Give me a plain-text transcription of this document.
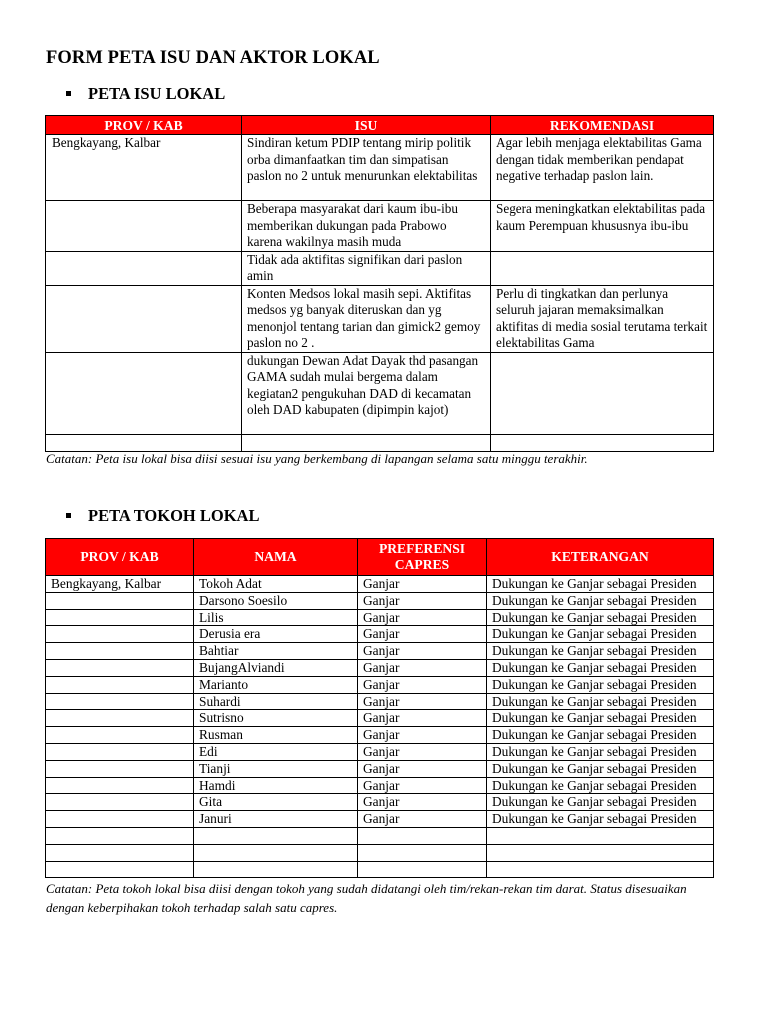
FORM PETA ISU DAN AKTOR LOKAL
PETA ISU LOKAL
PROV / KAB	ISU	REKOMENDASI
Bengkayang, Kalbar	Sindiran ketum PDIP tentang mirip politik orba dimanfaatkan tim dan simpatisan paslon no 2 untuk menurunkan elektabilitas	Agar lebih menjaga elektabilitas Gama dengan tidak memberikan pendapat negative terhadap paslon lain.
	Beberapa masyarakat dari kaum ibu-ibu memberikan dukungan pada Prabowo karena wakilnya masih muda	Segera meningkatkan elektabilitas pada kaum Perempuan khususnya ibu-ibu
	Tidak ada aktifitas signifikan dari paslon amin	
	Konten Medsos lokal masih sepi. Aktifitas medsos yg banyak diteruskan dan yg menonjol tentang tarian dan gimick2 gemoy paslon no 2 .	Perlu di tingkatkan dan perlunya seluruh jajaran memaksimalkan aktifitas di media sosial terutama terkait elektabilitas Gama
	dukungan Dewan Adat Dayak thd pasangan GAMA sudah mulai bergema dalam kegiatan2 pengukuhan DAD di kecamatan oleh DAD kabupaten (dipimpin kajot)	

Catatan: Peta isu lokal bisa diisi sesuai isu yang berkembang di lapangan selama satu minggu terakhir.
PETA TOKOH LOKAL
PROV / KAB	NAMA	PREFERENSI CAPRES	KETERANGAN
Bengkayang, Kalbar	Tokoh Adat	Ganjar	Dukungan ke Ganjar sebagai Presiden
	Darsono Soesilo	Ganjar	Dukungan ke Ganjar sebagai Presiden
	Lilis	Ganjar	Dukungan ke Ganjar sebagai Presiden
	Derusia era	Ganjar	Dukungan ke Ganjar sebagai Presiden
	Bahtiar	Ganjar	Dukungan ke Ganjar sebagai Presiden
	BujangAlviandi	Ganjar	Dukungan ke Ganjar sebagai Presiden
	Marianto	Ganjar	Dukungan ke Ganjar sebagai Presiden
	Suhardi	Ganjar	Dukungan ke Ganjar sebagai Presiden
	Sutrisno	Ganjar	Dukungan ke Ganjar sebagai Presiden
	Rusman	Ganjar	Dukungan ke Ganjar sebagai Presiden
	Edi	Ganjar	Dukungan ke Ganjar sebagai Presiden
	Tianji	Ganjar	Dukungan ke Ganjar sebagai Presiden
	Hamdi	Ganjar	Dukungan ke Ganjar sebagai Presiden
	Gita	Ganjar	Dukungan ke Ganjar sebagai Presiden
	Januri	Ganjar	Dukungan ke Ganjar sebagai Presiden

Catatan: Peta tokoh lokal bisa diisi dengan tokoh yang sudah didatangi oleh tim/rekan-rekan tim darat. Status disesuaikan dengan keberpihakan tokoh terhadap salah satu capres.
